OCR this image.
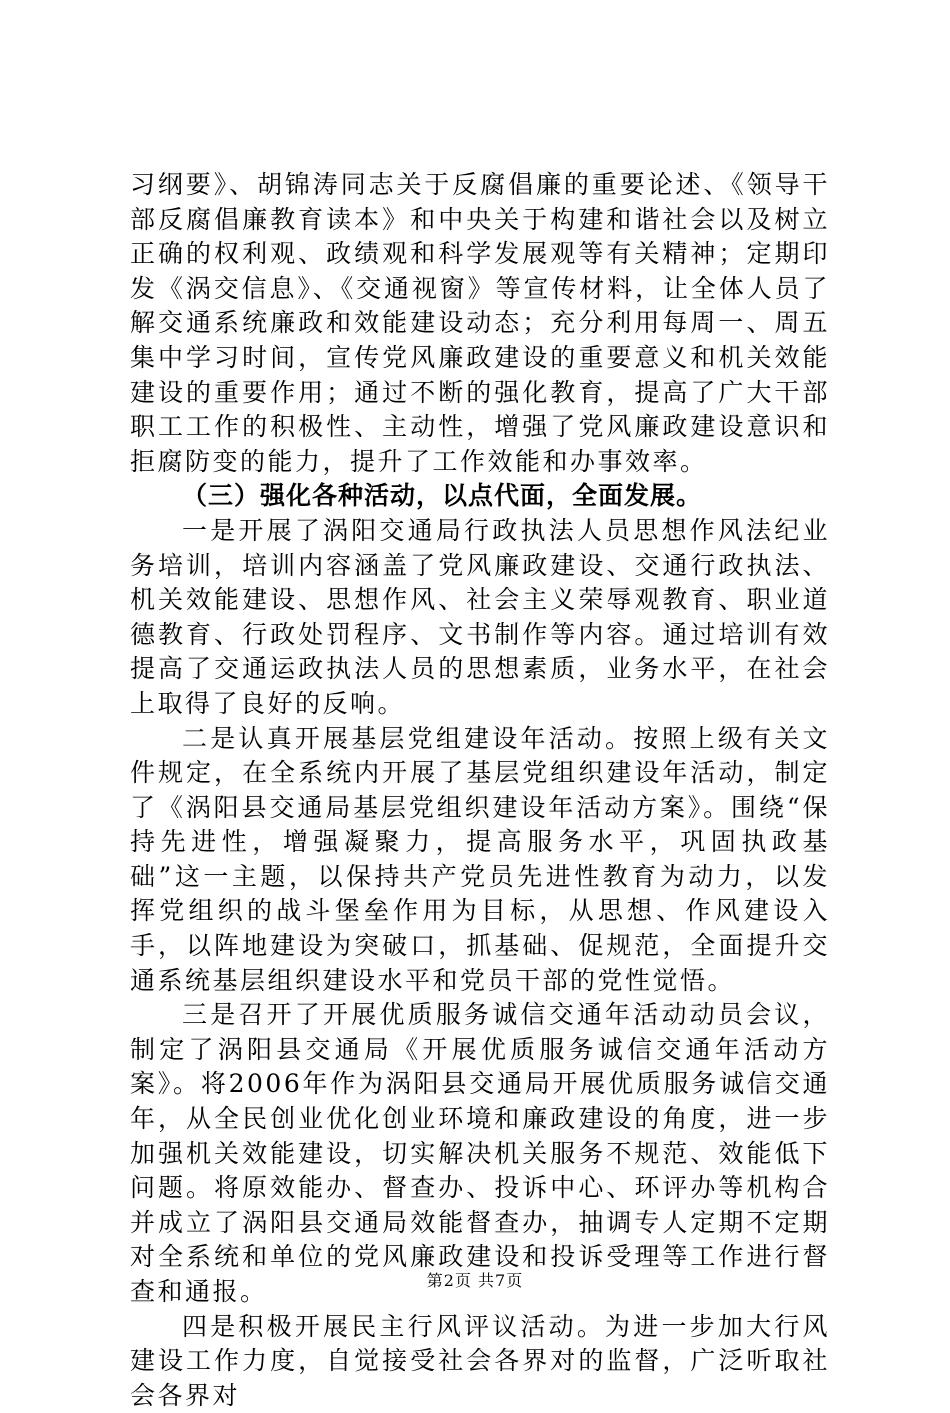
习纲要》、胡锦涛同志关于反腐倡廉的重要论述、《领导干部反腐倡廉教育读本》和中央关于构建和谐社会以及树立正确的权利观、政绩观和科学发展观等有关精神；定期印发《涡交信息》、《交通视窗》等宣传材料，让全体人员了解交通系统廉政和效能建设动态；充分利用每周一、周五集中学习时间，宣传党风廉政建设的重要意义和机关效能建设的重要作用；通过不断的强化教育，提高了广大干部职工工作的积极性、主动性，增强了党风廉政建设意识和拒腐防变的能力，提升了工作效能和办事效率。

（三）强化各种活动，以点代面，全面发展。

一是开展了涡阳交通局行政执法人员思想作风法纪业务培训，培训内容涵盖了党风廉政建设、交通行政执法、机关效能建设、思想作风、社会主义荣辱观教育、职业道德教育、行政处罚程序、文书制作等内容。通过培训有效提高了交通运政执法人员的思想素质，业务水平，在社会上取得了良好的反响。

二是认真开展基层党组建设年活动。按照上级有关文件规定，在全系统内开展了基层党组织建设年活动，制定了《涡阳县交通局基层党组织建设年活动方案》。围绕“保持先进性，增强凝聚力，提高服务水平，巩固执政基础”这一主题，以保持共产党员先进性教育为动力，以发挥党组织的战斗堡垒作用为目标，从思想、作风建设入手，以阵地建设为突破口，抓基础、促规范，全面提升交通系统基层组织建设水平和党员干部的党性觉悟。

三是召开了开展优质服务诚信交通年活动动员会议，制定了涡阳县交通局《开展优质服务诚信交通年活动方案》。将2006年作为涡阳县交通局开展优质服务诚信交通年，从全民创业优化创业环境和廉政建设的角度，进一步加强机关效能建设，切实解决机关服务不规范、效能低下问题。将原效能办、督查办、投诉中心、环评办等机构合并成立了涡阳县交通局效能督查办，抽调专人定期不定期对全系统和单位的党风廉政建设和投诉受理等工作进行督查和通报。

四是积极开展民主行风评议活动。为进一步加大行风建设工作力度，自觉接受社会各界对的监督，广泛听取社会各界对

第2页 共7页
